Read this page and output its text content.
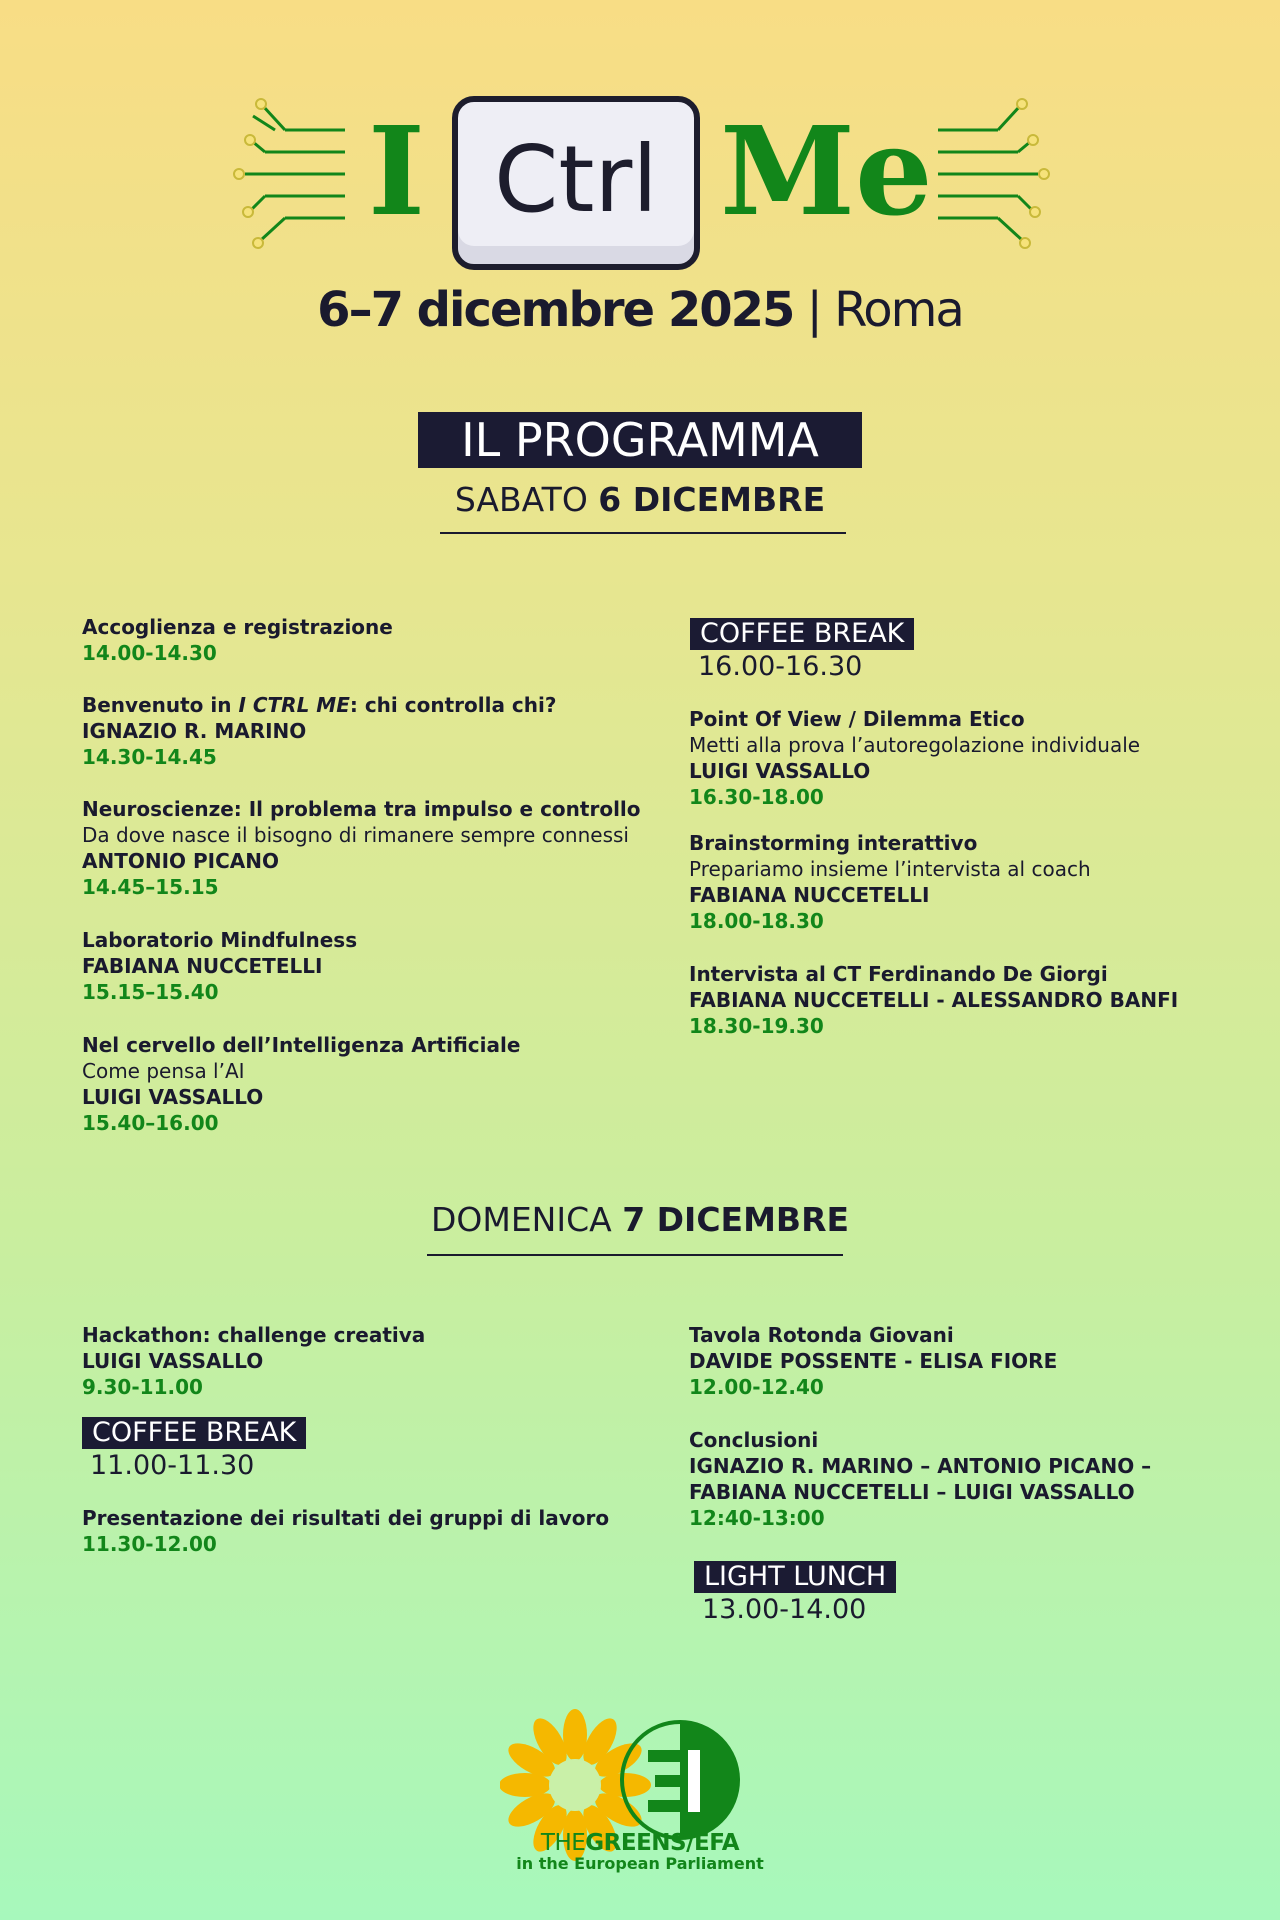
I Ctrl Me
6–7 dicembre 2025 | Roma
IL PROGRAMMA
SABATO 6 DICEMBRE
Accoglienza e registrazione
14.00-14.30
Benvenuto in I CTRL ME: chi controlla chi?
IGNAZIO R. MARINO
14.30-14.45
Neuroscienze: Il problema tra impulso e controllo
Da dove nasce il bisogno di rimanere sempre connessi
ANTONIO PICANO
14.45–15.15
Laboratorio Mindfulness
FABIANA NUCCETELLI
15.15–15.40
Nel cervello dell’Intelligenza Artificiale
Come pensa l’AI
LUIGI VASSALLO
15.40–16.00
COFFEE BREAK
16.00-16.30
Point Of View / Dilemma Etico
Metti alla prova l’autoregolazione individuale
LUIGI VASSALLO
16.30-18.00
Brainstorming interattivo
Prepariamo insieme l’intervista al coach
FABIANA NUCCETELLI
18.00-18.30
Intervista al CT Ferdinando De Giorgi
FABIANA NUCCETELLI - ALESSANDRO BANFI
18.30-19.30
DOMENICA 7 DICEMBRE
Hackathon: challenge creativa
LUIGI VASSALLO
9.30-11.00
COFFEE BREAK
11.00-11.30
Presentazione dei risultati dei gruppi di lavoro
11.30-12.00
Tavola Rotonda Giovani
DAVIDE POSSENTE - ELISA FIORE
12.00-12.40
Conclusioni
IGNAZIO R. MARINO – ANTONIO PICANO –
FABIANA NUCCETELLI – LUIGI VASSALLO
12:40-13:00
LIGHT LUNCH
13.00-14.00
THEGREENS/EFA
in the European Parliament
